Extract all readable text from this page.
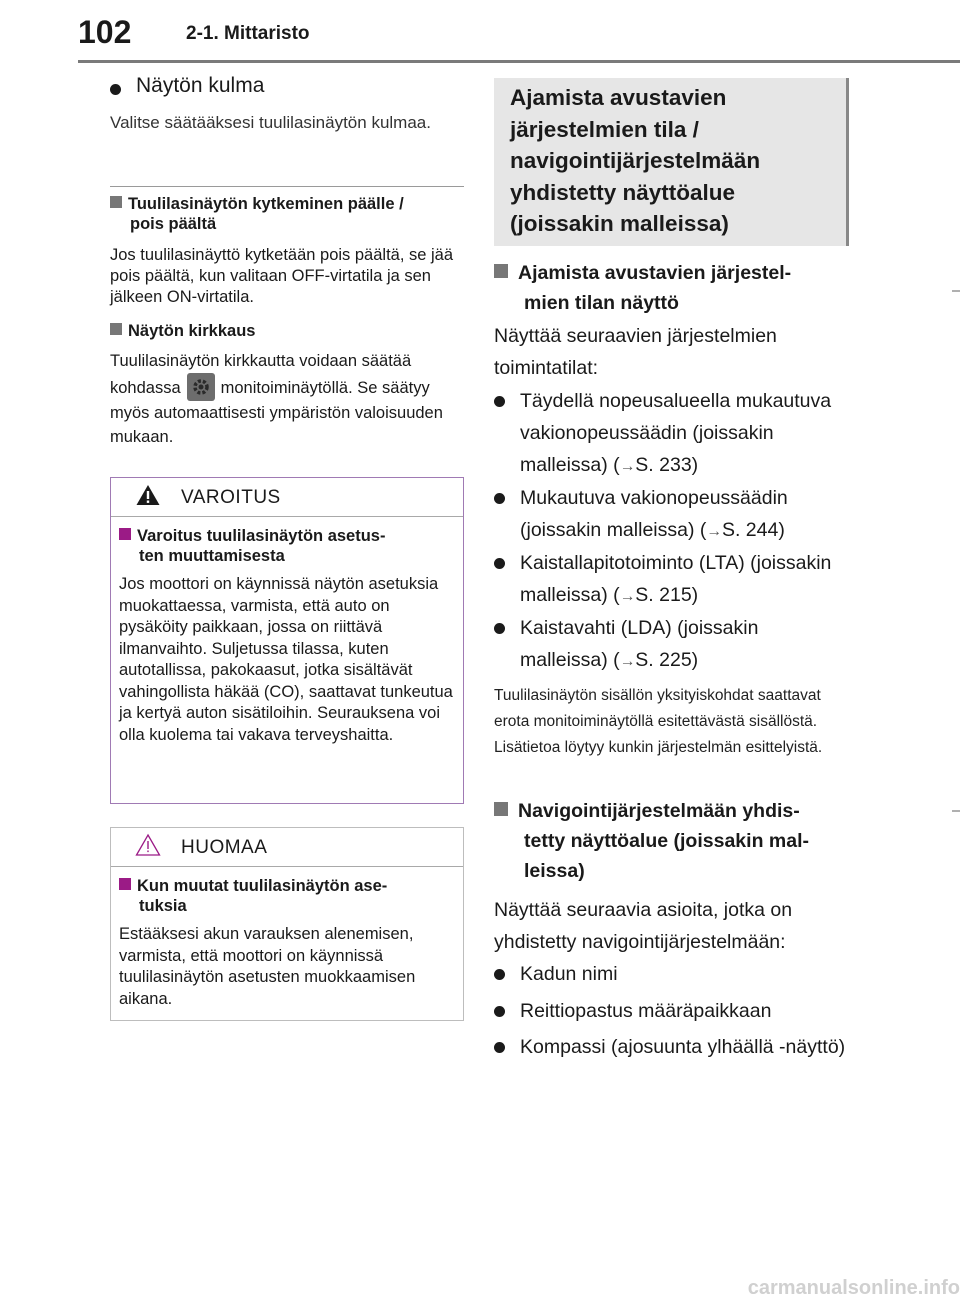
102	2-1. Mittaristo
Näytön kulma
Valitse säätääksesi tuulilasinäytön kulmaa.
Tuulilasinäytön kytkeminen päälle /
pois päältä
Jos tuulilasinäyttö kytketään pois päältä, se jää pois päältä, kun valitaan OFF-virtatila ja sen jälkeen ON-virtatila.
Näytön kirkkaus
Tuulilasinäytön kirkkautta voidaan säätää kohdassa monitoiminäytöllä. Se säätyy myös automaattisesti ympäristön valoisuuden mukaan.
VAROITUS
Varoitus tuulilasinäytön asetus-
ten muuttamisesta
Jos moottori on käynnissä näytön asetuksia muokattaessa, varmista, että auto on pysäköity paikkaan, jossa on riittävä ilmanvaihto. Suljetussa tilassa, kuten autotallissa, pakokaasut, jotka sisältävät vahingollista häkää (CO), saattavat tunkeutua ja kertyä auton sisätiloihin. Seurauksena voi olla kuolema tai vakava terveyshaitta.
HUOMAA
Kun muutat tuulilasinäytön ase-
tuksia
Estääksesi akun varauksen alenemisen, varmista, että moottori on käynnissä tuulilasinäytön asetusten muokkaamisen aikana.
Ajamista avustavien järjestelmien tila / navigointijärjestelmään yhdistetty näyttöalue (joissakin malleissa)
Ajamista avustavien järjestel-
mien tilan näyttö
Näyttää seuraavien järjestelmien toimintatilat:
Täydellä nopeusalueella mukautuva vakionopeussäädin (joissakin malleissa) (→S. 233)
Mukautuva vakionopeussäädin (joissakin malleissa) (→S. 244)
Kaistallapitotoiminto (LTA) (joissakin malleissa) (→S. 215)
Kaistavahti (LDA) (joissakin malleissa) (→S. 225)
Tuulilasinäytön sisällön yksityiskohdat saattavat erota monitoiminäytöllä esitettävästä sisällöstä. Lisätietoa löytyy kunkin järjestelmän esittelyistä.
Navigointijärjestelmään yhdis-
tetty näyttöalue (joissakin mal-
leissa)
Näyttää seuraavia asioita, jotka on yhdistetty navigointijärjestelmään:
Kadun nimi
Reittiopastus määräpaikkaan
Kompassi (ajosuunta ylhäällä -näyttö)
carmanualsonline.info
